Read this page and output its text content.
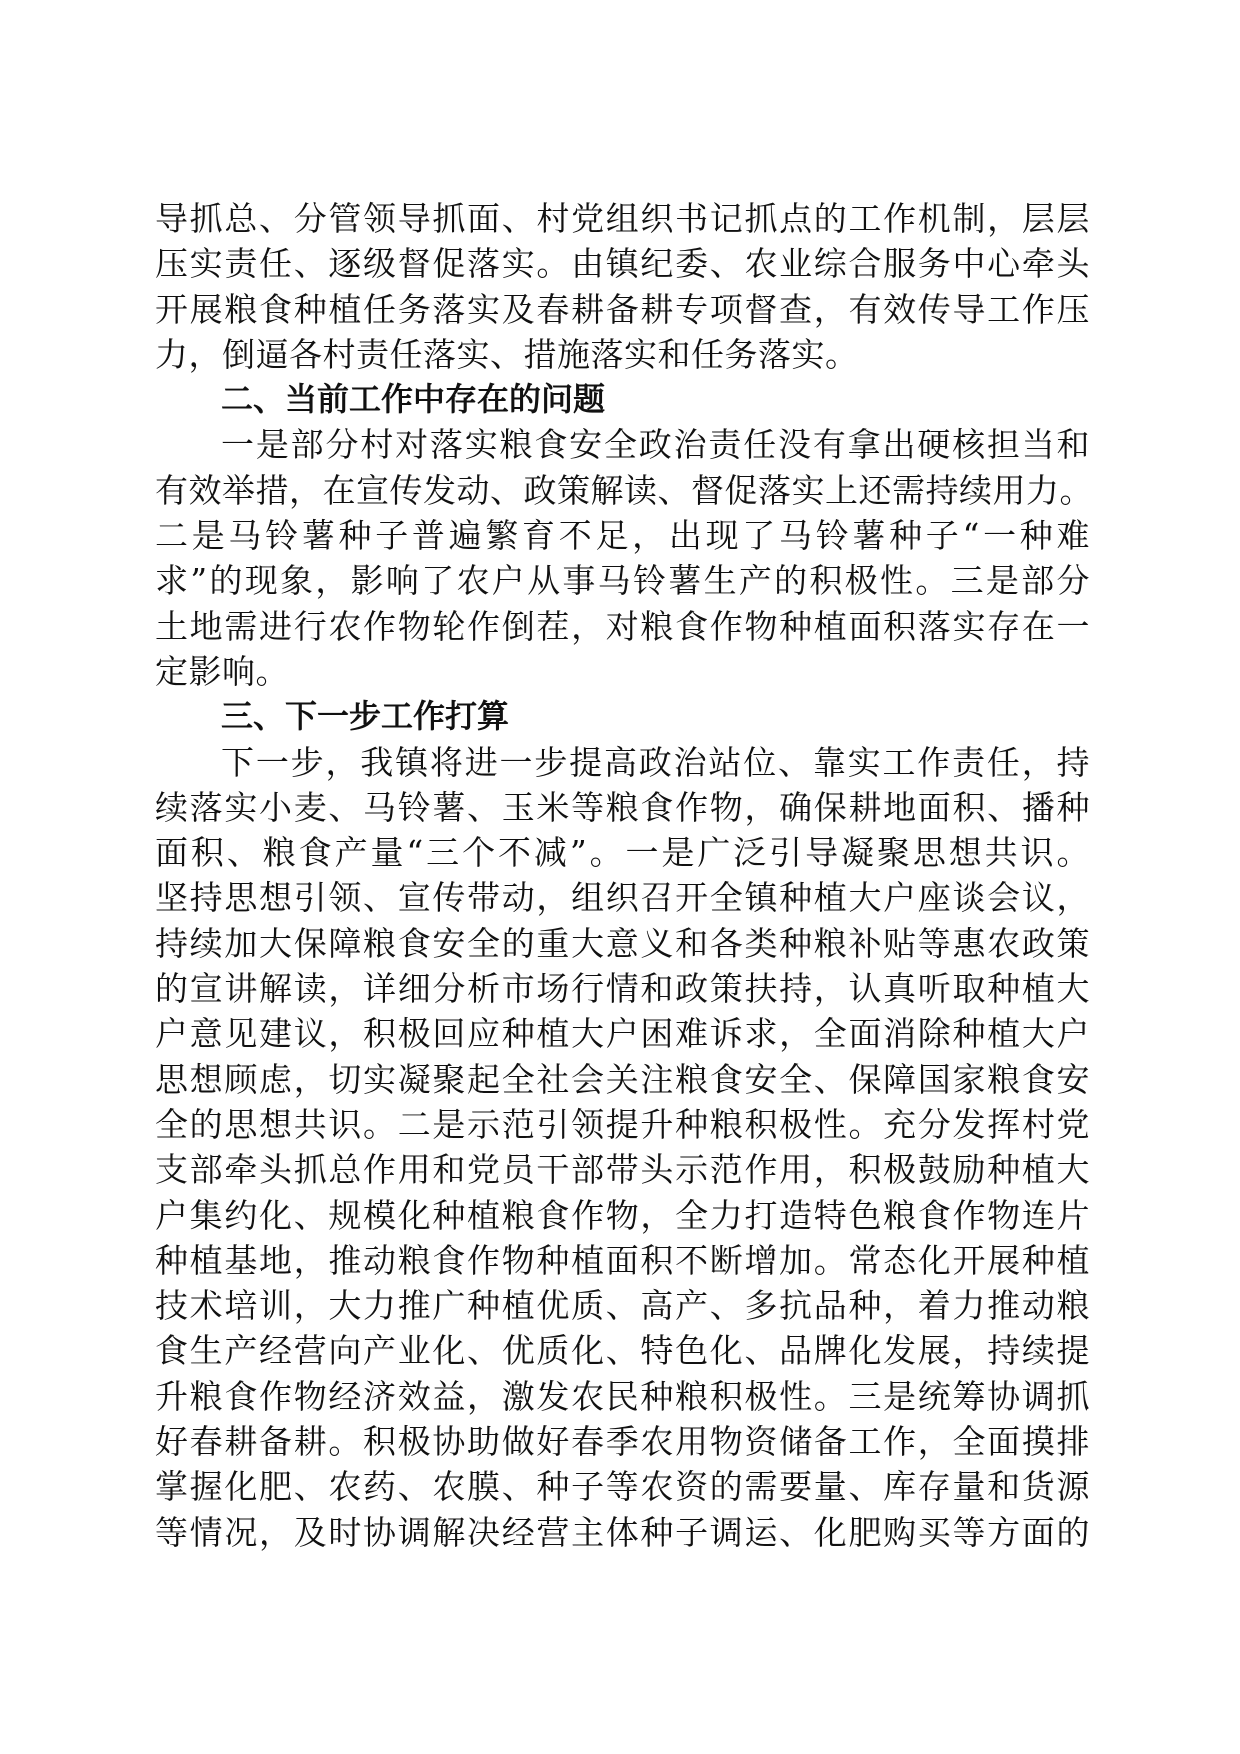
导抓总、分管领导抓面、村党组织书记抓点的工作机制，层层
压实责任、逐级督促落实。由镇纪委、农业综合服务中心牵头
开展粮食种植任务落实及春耕备耕专项督查，有效传导工作压
力，倒逼各村责任落实、措施落实和任务落实。
二、当前工作中存在的问题
一是部分村对落实粮食安全政治责任没有拿出硬核担当和
有效举措，在宣传发动、政策解读、督促落实上还需持续用力。
二是马铃薯种子普遍繁育不足，出现了马铃薯种子“一种难
求”的现象，影响了农户从事马铃薯生产的积极性。三是部分
土地需进行农作物轮作倒茬，对粮食作物种植面积落实存在一
定影响。
三、下一步工作打算
下一步，我镇将进一步提高政治站位、靠实工作责任，持
续落实小麦、马铃薯、玉米等粮食作物，确保耕地面积、播种
面积、粮食产量“三个不减”。一是广泛引导凝聚思想共识。
坚持思想引领、宣传带动，组织召开全镇种植大户座谈会议，
持续加大保障粮食安全的重大意义和各类种粮补贴等惠农政策
的宣讲解读，详细分析市场行情和政策扶持，认真听取种植大
户意见建议，积极回应种植大户困难诉求，全面消除种植大户
思想顾虑，切实凝聚起全社会关注粮食安全、保障国家粮食安
全的思想共识。二是示范引领提升种粮积极性。充分发挥村党
支部牵头抓总作用和党员干部带头示范作用，积极鼓励种植大
户集约化、规模化种植粮食作物，全力打造特色粮食作物连片
种植基地，推动粮食作物种植面积不断增加。常态化开展种植
技术培训，大力推广种植优质、高产、多抗品种，着力推动粮
食生产经营向产业化、优质化、特色化、品牌化发展，持续提
升粮食作物经济效益，激发农民种粮积极性。三是统筹协调抓
好春耕备耕。积极协助做好春季农用物资储备工作，全面摸排
掌握化肥、农药、农膜、种子等农资的需要量、库存量和货源
等情况，及时协调解决经营主体种子调运、化肥购买等方面的
